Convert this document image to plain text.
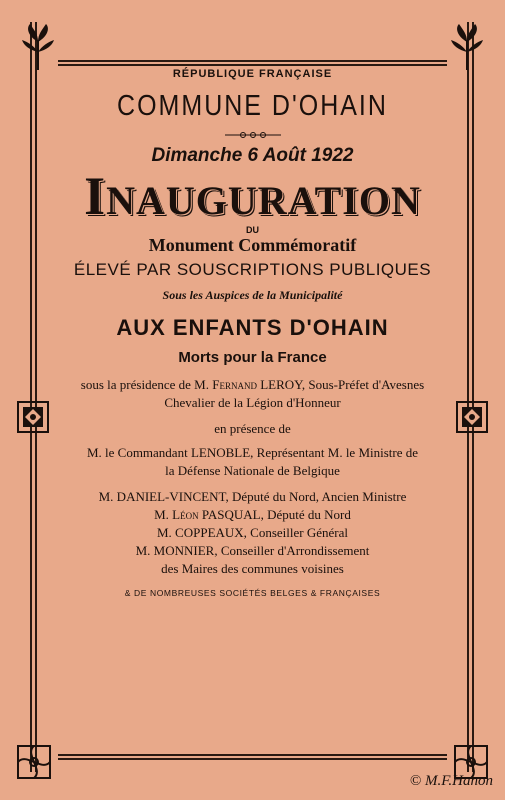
RÉPUBLIQUE FRANÇAISE
COMMUNE D'OHAIN
Dimanche 6 Août 1922
INAUGURATION
DU
Monument Commémoratif
ÉLEVÉ PAR SOUSCRIPTIONS PUBLIQUES
Sous les Auspices de la Municipalité
AUX ENFANTS D'OHAIN
Morts pour la France
sous la présidence de M. Fernand LEROY, Sous-Préfet d'Avesnes
Chevalier de la Légion d'Honneur
en présence de
M. le Commandant LENOBLE, Représentant M. le Ministre de
la Défense Nationale de Belgique
M. DANIEL-VINCENT, Député du Nord, Ancien Ministre
M. Léon PASQUAL, Député du Nord
M. COPPEAUX, Conseiller Général
M. MONNIER, Conseiller d'Arrondissement
des Maires des communes voisines
& DE NOMBREUSES SOCIÉTÉS BELGES & FRANÇAISES
© M.F.Hanon
